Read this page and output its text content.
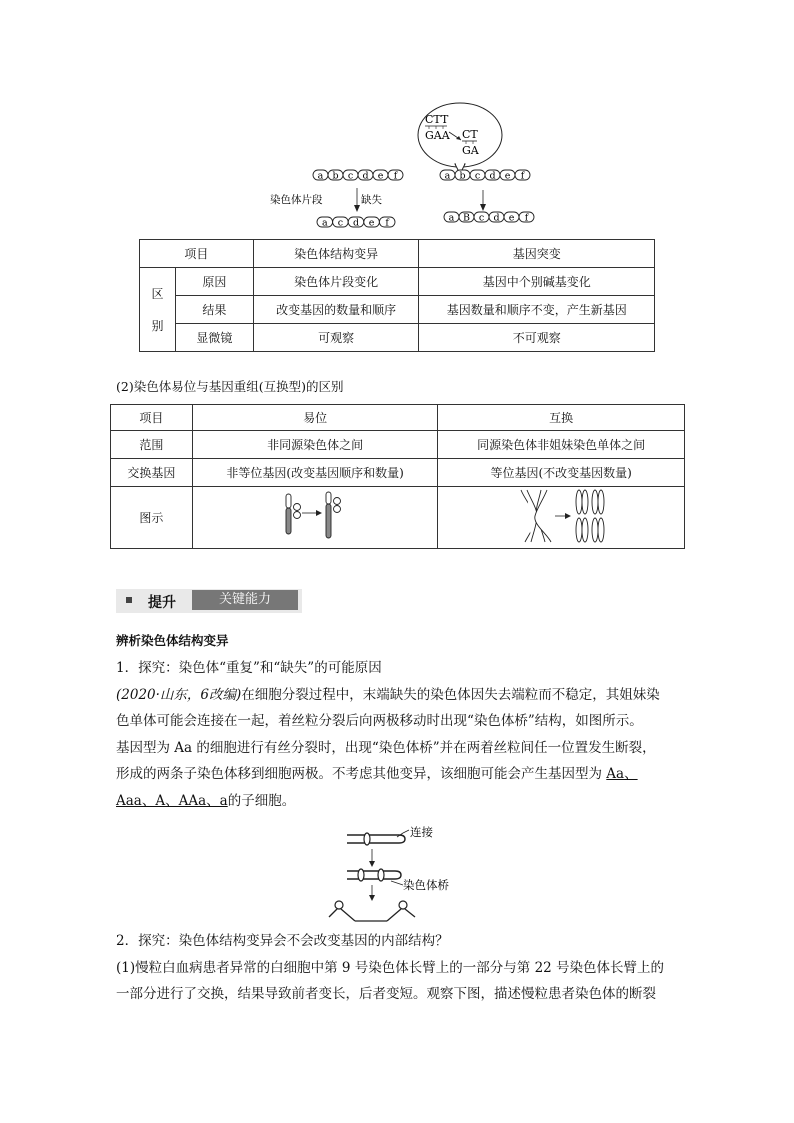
CTT
GAA CT
GA
a b c d e f
a c d e f
a b c d e f
a B c d e f
染色体片段	缺失
项目		染色体结构变异	基因突变

区
别	原因	染色体片段变化	基因中个别碱基变化
	结果	改变基因的数量和顺序	基因数量和顺序不变，产生新基因
	显微镜	可观察	不可观察
(2)染色体易位与基因重组(互换型)的区别
项目	易位	互换
范围	非同源染色体之间	同源染色体非姐妹染色单体之间
交换基因	非等位基因(改变基因顺序和数量)	等位基因(不改变基因数量)
图示		
提升	关键能力
辨析染色体结构变异
1．探究：染色体“重复”和“缺失”的可能原因
(2020·山东，6改编)在细胞分裂过程中，末端缺失的染色体因失去端粒而不稳定，其姐妹染
色单体可能会连接在一起，着丝粒分裂后向两极移动时出现“染色体桥”结构，如图所示。
基因型为 Aa 的细胞进行有丝分裂时，出现“染色体桥”并在两着丝粒间任一位置发生断裂，
形成的两条子染色体移到细胞两极。不考虑其他变异，该细胞可能会产生基因型为 Aa、
Aaa、A、AAa、a的子细胞。
连接
染色体桥
2．探究：染色体结构变异会不会改变基因的内部结构？
(1)慢粒白血病患者异常的白细胞中第 9 号染色体长臂上的一部分与第 22 号染色体长臂上的
一部分进行了交换，结果导致前者变长，后者变短。观察下图，描述慢粒患者染色体的断裂
